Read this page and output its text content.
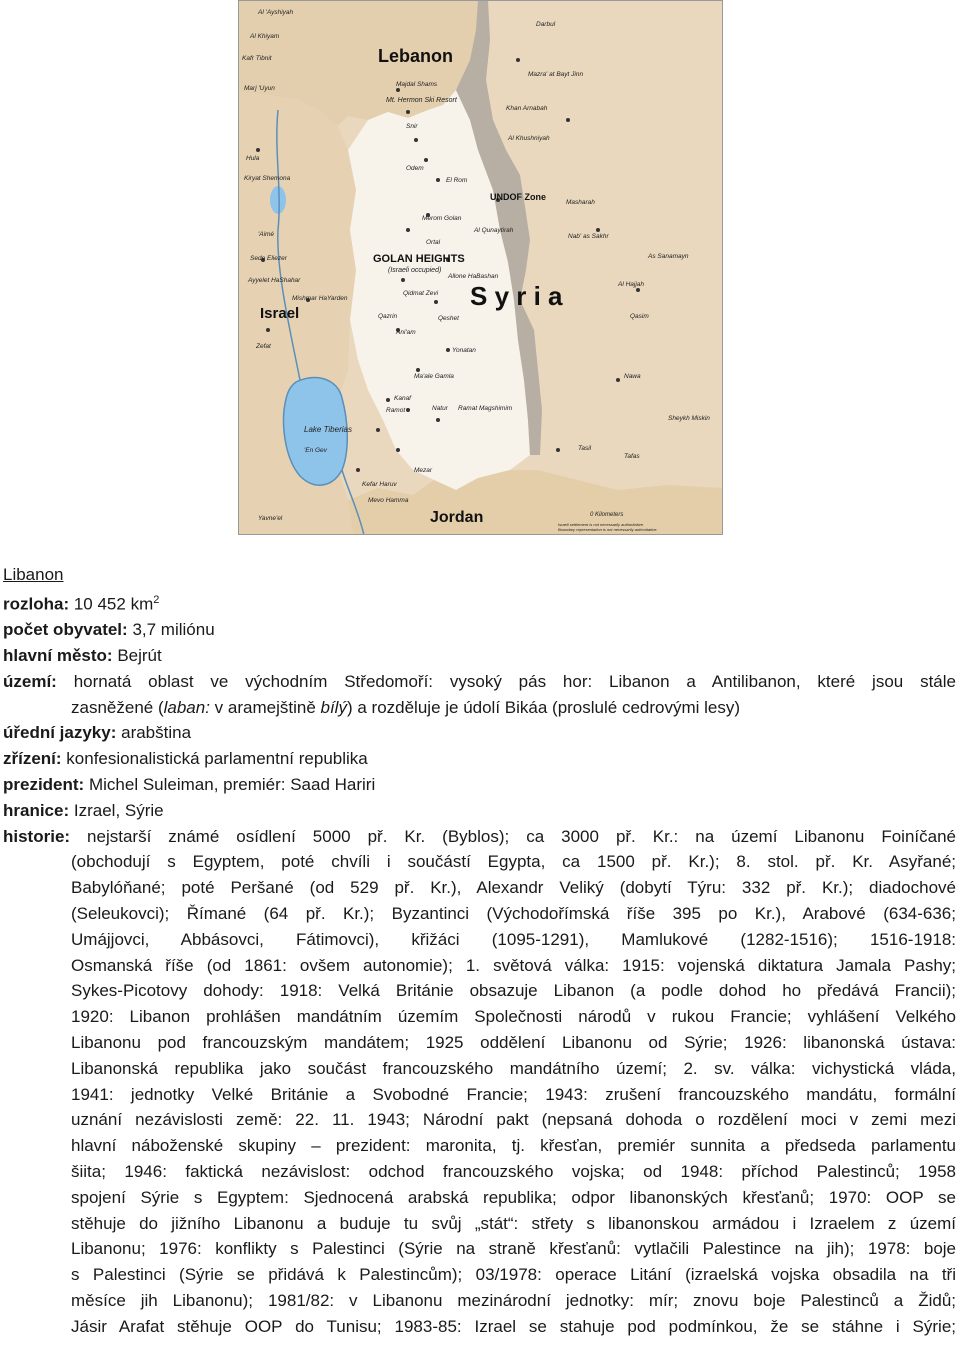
Lebanon
Israel
S y r i a
Jordan
GOLAN HEIGHTS
(Israeli occupied)
UNDOF Zone
Lake Tiberias
Mt. Hermon Ski Resort
0 Kilometers
Israeli settlement is not necessarily authoritative.
Boundary representation is not necessarily authoritative.
Al 'Ayshiyah
Al Khiyam
Kafr Tibnit
Marj 'Uyun
Hula
Kiryat Shemona
'Aimé
Sede Eliezer
Ayyelet HaShahar
Mishmar HaYarden
Zefat
Majdal Shams
Snir
Odem
El Rom
Merom Golan
Ortal
Allone HaBashan
Qidmat Zevi
Qazrin	Qeshet
Ani'am
Yonatan
Ma'ale Gamla
Kanaf
Natur
Ramot	Ramat Magshimim
'En Gev
Mezar
Kefar Haruv
Mevo Hamma
Yavne'el
Darbul
Mazra' at Bayt Jinn
Khan Arnabah
Al Khushniyah
Al Qunaytirah
Masharah
Nab' as Sakhr
As Sanamayn
Al Hajjah
Qasim
Nawa
Sheykh Miskin
Tasil
Tafas
Libanon
rozloha: 10 452 $km^2$
počet obyvatel: 3,7 miliónu
hlavní město: Bejrút
území: hornatá oblast ve východním Středomoří: vysoký pás hor: Libanon a Antilibanon, které jsou stále
zasněžené (laban: v aramejštině bílý) a rozděluje je údolí Bikáa (proslulé cedrovými lesy)
úřední jazyky: arabština
zřízení: konfesionalistická parlamentní republika
prezident: Michel Suleiman, premiér: Saad Hariri
hranice: Izrael, Sýrie
historie: nejstarší známé osídlení 5000 př. Kr. (Byblos); ca 3000 př. Kr.: na území Libanonu Foiníčané
(obchodují s Egyptem, poté chvíli i součástí Egypta, ca 1500 př. Kr.); 8. stol. př. Kr. Asyřané;
Babylóňané; poté Peršané (od 529 př. Kr.), Alexandr Veliký (dobytí Týru: 332 př. Kr.); diadochové
(Seleukovci); Římané (64 př. Kr.); Byzantinci (Východořímská říše 395 po Kr.), Arabové (634-636;
Umájjovci, Abbásovci, Fátimovci), křižáci (1095-1291), Mamlukové (1282-1516); 1516-1918:
Osmanská říše (od 1861: ovšem autonomie); 1. světová válka: 1915: vojenská diktatura Jamala Pashy;
Sykes-Picotovy dohody: 1918: Velká Británie obsazuje Libanon (a podle dohod ho předává Francii);
1920: Libanon prohlášen mandátním územím Společnosti národů v rukou Francie; vyhlášení Velkého
Libanonu pod francouzským mandátem; 1925 oddělení Libanonu od Sýrie; 1926: libanonská ústava:
Libanonská republika jako součást francouzského mandátního území; 2. sv. válka: vichystická vláda,
1941: jednotky Velké Británie a Svobodné Francie; 1943: zrušení francouzského mandátu, formální
uznání nezávislosti země: 22. 11. 1943; Národní pakt (nepsaná dohoda o rozdělení moci v zemi mezi
hlavní náboženské skupiny – prezident: maronita, tj. křesťan, premiér sunnita a předseda parlamentu
šiita; 1946: faktická nezávislost: odchod francouzského vojska; od 1948: příchod Palestinců; 1958
spojení Sýrie s Egyptem: Sjednocená arabská republika; odpor libanonských křesťanů; 1970: OOP se
stěhuje do jižního Libanonu a buduje tu svůj „stát“: střety s libanonskou armádou i Izraelem z území
Libanonu; 1976: konflikty s Palestinci (Sýrie na straně křesťanů: vytlačili Palestince na jih); 1978: boje
s Palestinci (Sýrie se přidává k Palestincům); 03/1978: operace Litání (izraelská vojska obsadila na tři
měsíce jih Libanonu); 1981/82: v Libanonu mezinárodní jednotky: mír; znovu boje Palestinců a Židů;
Jásir Arafat stěhuje OOP do Tunisu; 1983-85: Izrael se stahuje pod podmínkou, že se stáhne i Sýrie;
